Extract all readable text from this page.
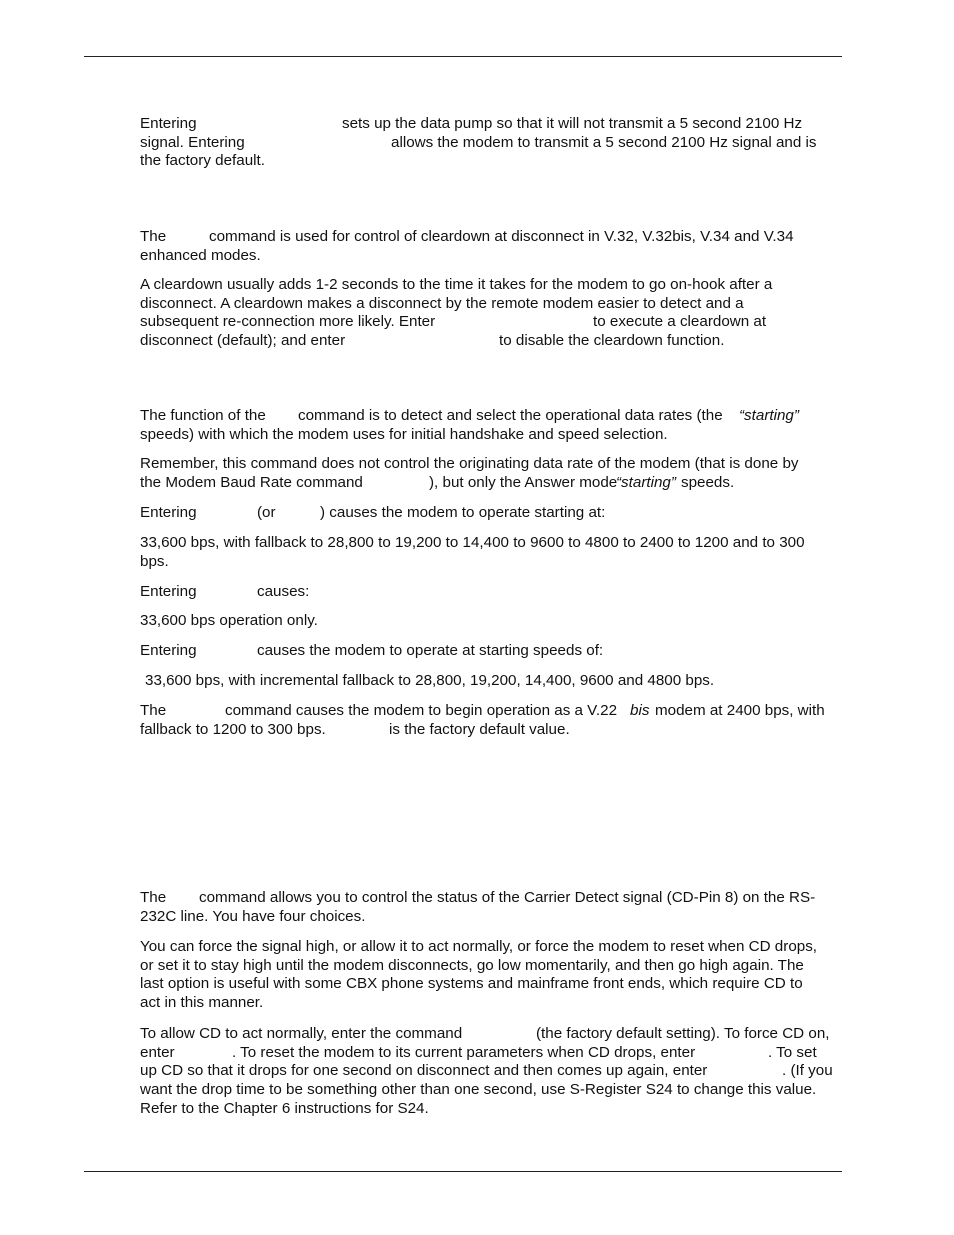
Entering	sets up the data pump so that it will not transmit a 5 second 2100 Hz
signal. Entering	allows the modem to transmit a 5 second 2100 Hz signal and is
the factory default.
The	command is used for control of cleardown at disconnect in V.32, V.32bis, V.34 and V.34
enhanced modes.
A cleardown usually adds 1-2 seconds to the time it takes for the modem to go on-hook after a
disconnect. A cleardown makes a disconnect by the remote modem easier to detect and a
subsequent re-connection more likely. Enter	to execute a cleardown at
disconnect (default); and enter	to disable the cleardown function.
The function of the command is to detect and select the operational data rates (the “starting”
speeds) with which the modem uses for initial handshake and speed selection.
Remember, this command does not control the originating data rate of the modem (that is done by
the Modem Baud Rate command	), but only the Answer mode
“starting” speeds.
Entering	(or	) causes the modem to operate starting at:
33,600 bps, with fallback to 28,800 to 19,200 to 14,400 to 9600 to 4800 to 2400 to 1200 and to 300
bps.
Entering	causes:
33,600 bps operation only.
Entering	causes the modem to operate at starting speeds of:
33,600 bps, with incremental fallback to 28,800, 19,200, 14,400, 9600 and 4800 bps.
The	command causes the modem to begin operation as a V.22 bis modem at 2400 bps, with
fallback to 1200 to 300 bps.	is the factory default value.
The command allows you to control the status of the Carrier Detect signal (CD-Pin 8) on the RS-
232C line. You have four choices.
You can force the signal high, or allow it to act normally, or force the modem to reset when CD drops,
or set it to stay high until the modem disconnects, go low momentarily, and then go high again. The
last option is useful with some CBX phone systems and mainframe front ends, which require CD to
act in this manner.
To allow CD to act normally, enter the command	(the factory default setting). To force CD on,
enter	. To reset the modem to its current parameters when CD drops, enter	. To set
up CD so that it drops for one second on disconnect and then comes up again, enter	. (If you
want the drop time to be something other than one second, use S-Register S24 to change this value.
Refer to the Chapter 6 instructions for S24.
